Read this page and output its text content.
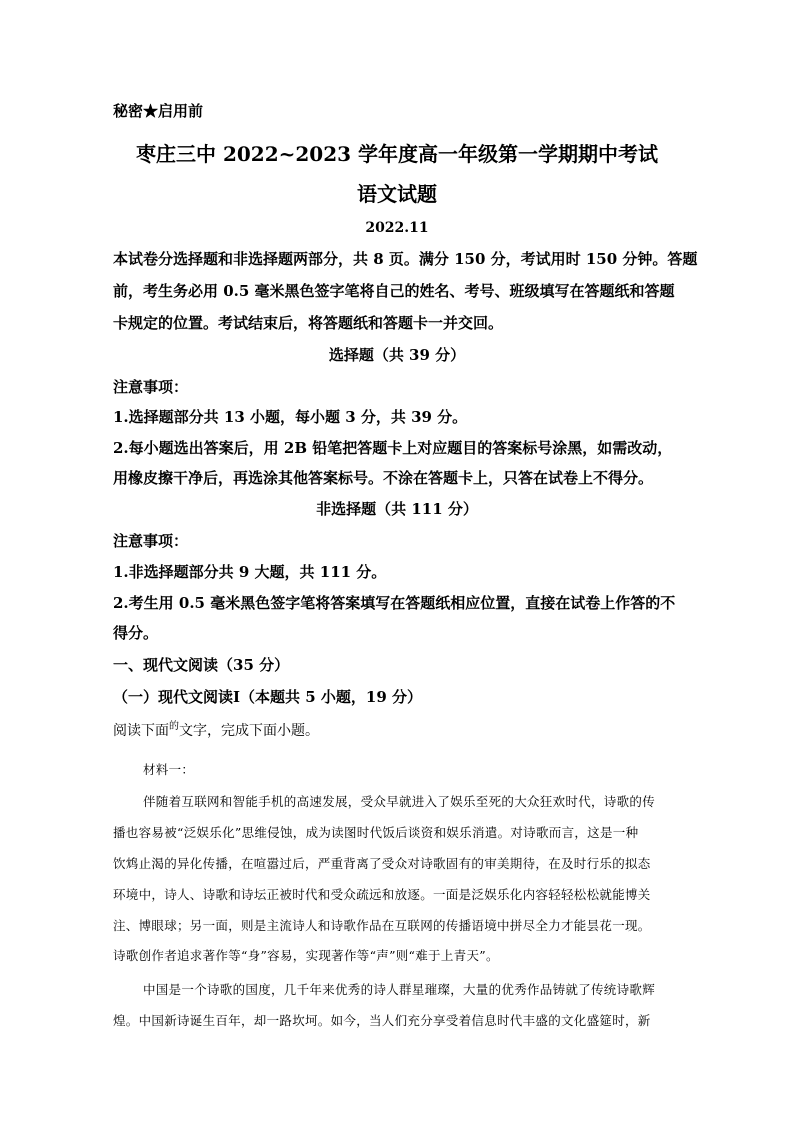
秘密★启用前
枣庄三中 2022~2023 学年度高一年级第一学期期中考试
语文试题
2022.11
本试卷分选择题和非选择题两部分，共 8 页。满分 150 分，考试用时 150 分钟。答题
前，考生务必用 0.5 毫米黑色签字笔将自己的姓名、考号、班级填写在答题纸和答题
卡规定的位置。考试结束后，将答题纸和答题卡一并交回。
选择题（共 39 分）
注意事项：
1.选择题部分共 13 小题，每小题 3 分，共 39 分。
2.每小题选出答案后，用 2B 铅笔把答题卡上对应题目的答案标号涂黑，如需改动，
用橡皮擦干净后，再选涂其他答案标号。不涂在答题卡上，只答在试卷上不得分。
非选择题（共 111 分）
注意事项：
1.非选择题部分共 9 大题，共 111 分。
2.考生用 0.5 毫米黑色签字笔将答案填写在答题纸相应位置，直接在试卷上作答的不
得分。
一、现代文阅读（35 分）
（一）现代文阅读Ⅰ（本题共 5 小题，19 分）
阅读下面$^的$文字，完成下面小题。
材料一：
伴随着互联网和智能手机的高速发展，受众早就进入了娱乐至死的大众狂欢时代，诗歌的传
播也容易被“泛娱乐化”思维侵蚀，成为读图时代饭后谈资和娱乐消遣。对诗歌而言，这是一种
饮鸩止渴的异化传播，在喧嚣过后，严重背离了受众对诗歌固有的审美期待，在及时行乐的拟态
环境中，诗人、诗歌和诗坛正被时代和受众疏远和放逐。一面是泛娱乐化内容轻轻松松就能博关
注、博眼球；另一面，则是主流诗人和诗歌作品在互联网的传播语境中拼尽全力才能昙花一现。
诗歌创作者追求著作等“身”容易，实现著作等“声”则“难于上青天”。
中国是一个诗歌的国度，几千年来优秀的诗人群星璀璨，大量的优秀作品铸就了传统诗歌辉
煌。中国新诗诞生百年，却一路坎坷。如今，当人们充分享受着信息时代丰盛的文化盛筵时，新
